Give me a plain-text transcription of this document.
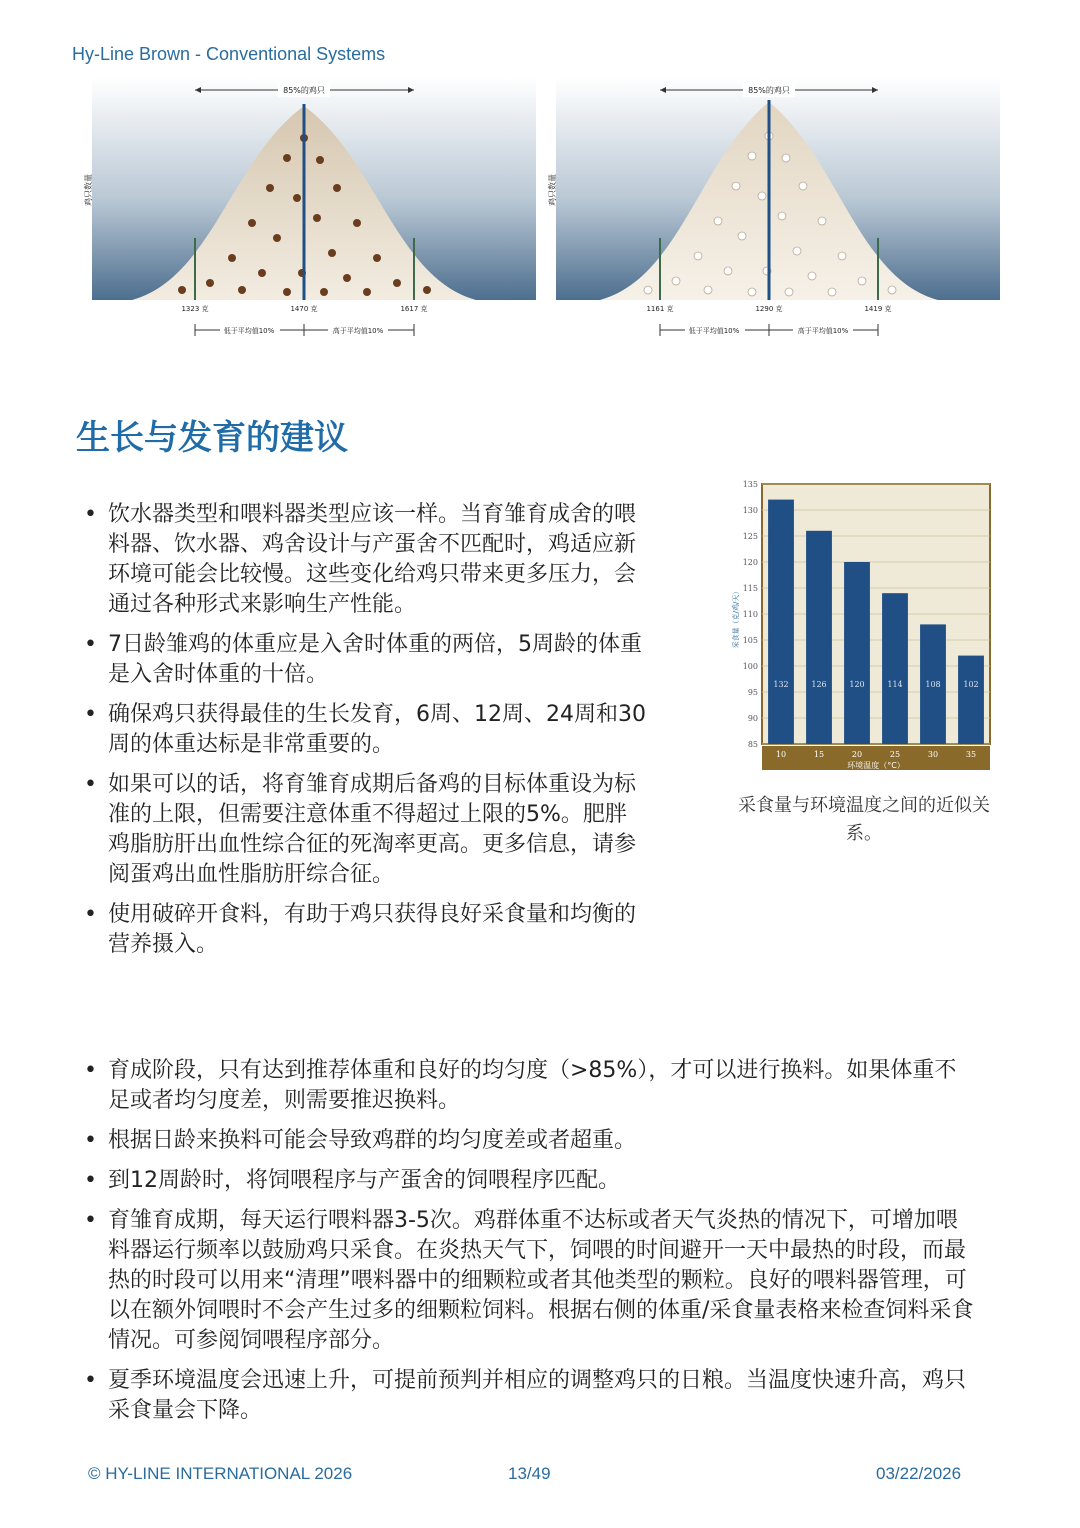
Hy-Line Brown - Conventional Systems
85%的鸡只
鸡只数量
1323 克	1470 克	1617 克
低于平均值10%	高于平均值10%
85%的鸡只
鸡只数量
1161 克	1290 克	1419 克
低于平均值10%	高于平均值10%
生长与发育的建议
• 饮水器类型和喂料器类型应该一样。当育雏育成舍的喂料器、饮水器、鸡舍设计与产蛋舍不匹配时，鸡适应新环境可能会比较慢。这些变化给鸡只带来更多压力，会通过各种形式来影响生产性能。
• 7日龄雏鸡的体重应是入舍时体重的两倍，5周龄的体重是入舍时体重的十倍。
• 确保鸡只获得最佳的生长发育，6周、12周、24周和30周的体重达标是非常重要的。
• 如果可以的话，将育雏育成期后备鸡的目标体重设为标准的上限，但需要注意体重不得超过上限的5%。肥胖鸡脂肪肝出血性综合征的死淘率更高。更多信息，请参阅蛋鸡出血性脂肪肝综合征。
• 使用破碎开食料，有助于鸡只获得良好采食量和均衡的营养摄入。
85
90
95
100
105
110
115
120
125
130
135
132	126	120	114	108	102
10	15	20	25	30	35
环境温度（°C）
采食量（克/鸡/天）
采食量与环境温度之间的近似关系。
• 育成阶段，只有达到推荐体重和良好的均匀度（>85%），才可以进行换料。如果体重不足或者均匀度差，则需要推迟换料。
• 根据日龄来换料可能会导致鸡群的均匀度差或者超重。
• 到12周龄时，将饲喂程序与产蛋舍的饲喂程序匹配。
• 育雏育成期，每天运行喂料器3-5次。鸡群体重不达标或者天气炎热的情况下，可增加喂料器运行频率以鼓励鸡只采食。在炎热天气下，饲喂的时间避开一天中最热的时段，而最热的时段可以用来“清理”喂料器中的细颗粒或者其他类型的颗粒。良好的喂料器管理，可以在额外饲喂时不会产生过多的细颗粒饲料。根据右侧的体重/采食量表格来检查饲料采食情况。可参阅饲喂程序部分。
• 夏季环境温度会迅速上升，可提前预判并相应的调整鸡只的日粮。当温度快速升高，鸡只采食量会下降。
© HY-LINE INTERNATIONAL 2026	13/49	03/22/2026
